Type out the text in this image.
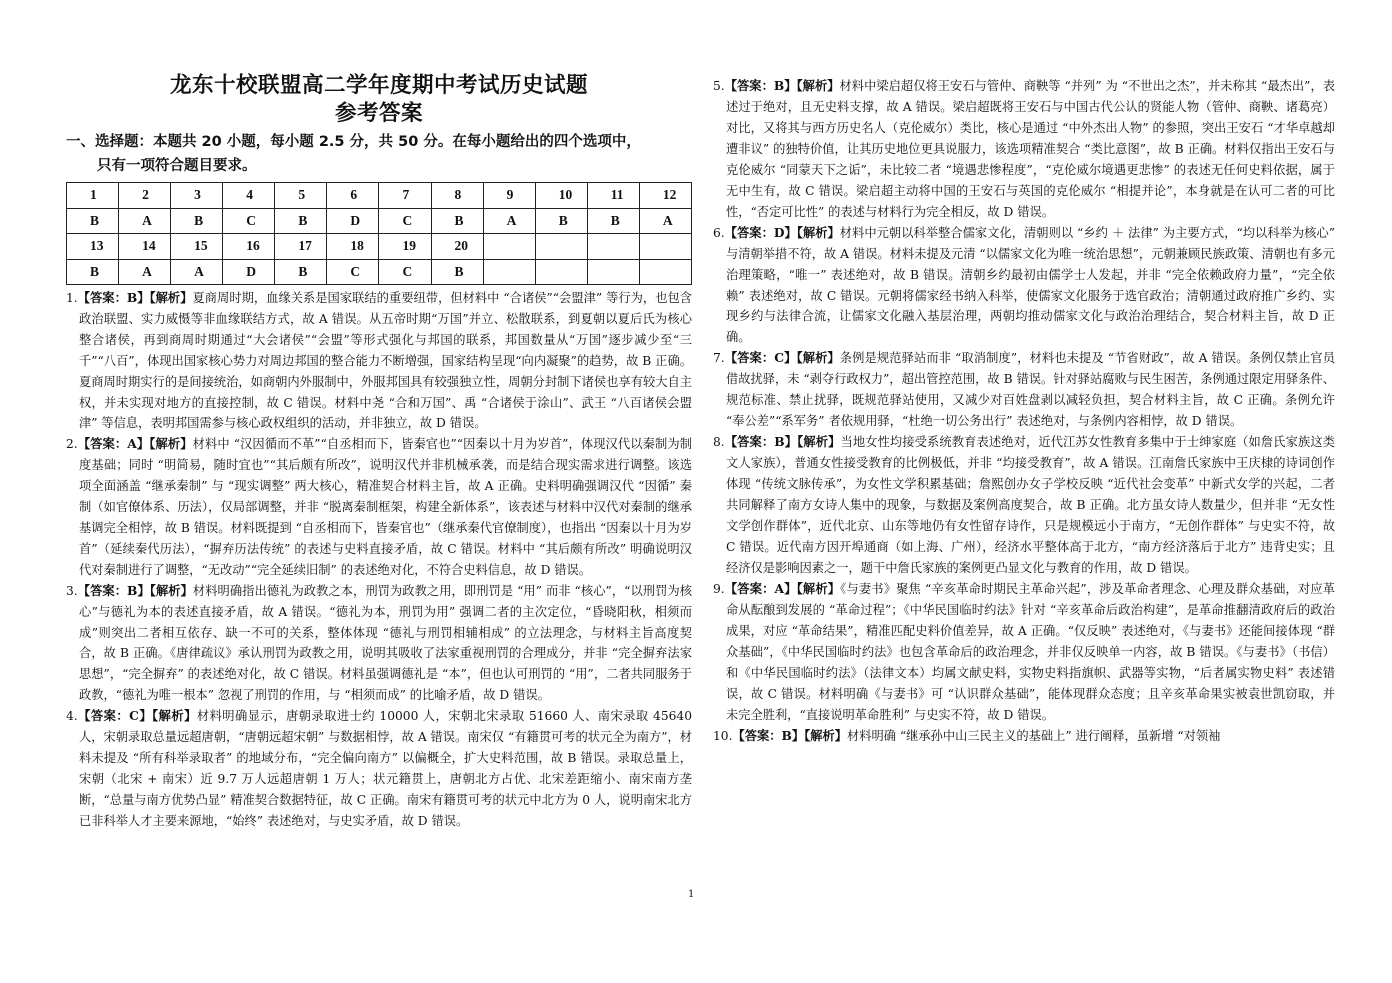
龙东十校联盟高二学年度期中考试历史试题
参考答案
一、选择题：本题共 20 小题，每小题 2.5 分，共 50 分。在每小题给出的四个选项中，
只有一项符合题目要求。
1	2	3	4	5	6	7	8	9	10	11	12
B	A	B	C	B	D	C	B	A	B	B	A
13	14	15	16	17	18	19	20				
B	A	A	D	B	C	C	B				

1.【答案：B】【解析】夏商周时期，血缘关系是国家联结的重要纽带，但材料中 “合诸侯”“会盟津” 等行为，也包含政治联盟、实力威慑等非血缘联结方式，故 A 错误。从五帝时期“万国”并立、松散联系，到夏朝以夏后氏为核心整合诸侯，再到商周时期通过“大会诸侯”“会盟”等形式强化与邦国的联系，邦国数量从“万国”逐步减少至“三千”“八百”，体现出国家核心势力对周边邦国的整合能力不断增强，国家结构呈现“向内凝聚”的趋势，故 B 正确。夏商周时期实行的是间接统治，如商朝内外服制中，外服邦国具有较强独立性，周朝分封制下诸侯也享有较大自主权，并未实现对地方的直接控制，故 C 错误。材料中尧 “合和万国”、禹 “合诸侯于涂山”、武王 “八百诸侯会盟津” 等信息，表明邦国需参与核心政权组织的活动，并非独立，故 D 错误。

2.【答案：A】【解析】材料中 “汉因循而不革”“自丞相而下，皆秦官也”“因秦以十月为岁首”，体现汉代以秦制为制度基础；同时 “明简易，随时宜也”“其后颇有所改”，说明汉代并非机械承袭，而是结合现实需求进行调整。该选项全面涵盖 “继承秦制” 与 “现实调整” 两大核心，精准契合材料主旨，故 A 正确。史料明确强调汉代 “因循” 秦制（如官僚体系、历法），仅局部调整，并非 “脱离秦制框架，构建全新体系”，该表述与材料中汉代对秦制的继承基调完全相悖，故 B 错误。材料既提到 “自丞相而下，皆秦官也”（继承秦代官僚制度），也指出 “因秦以十月为岁首”（延续秦代历法），“摒弃历法传统” 的表述与史料直接矛盾，故 C 错误。材料中 “其后颇有所改” 明确说明汉代对秦制进行了调整，“无改动”“完全延续旧制” 的表述绝对化，不符合史料信息，故 D 错误。

3.【答案：B】【解析】材料明确指出德礼为政教之本，刑罚为政教之用，即刑罚是 “用” 而非 “核心”，“以刑罚为核心”与德礼为本的表述直接矛盾，故 A 错误。“德礼为本，刑罚为用” 强调二者的主次定位，“昏晓阳秋，相须而成”则突出二者相互依存、缺一不可的关系，整体体现 “德礼与刑罚相辅相成” 的立法理念，与材料主旨高度契合，故 B 正确。《唐律疏议》承认刑罚为政教之用，说明其吸收了法家重视刑罚的合理成分，并非 “完全摒弃法家思想”，“完全摒弃” 的表述绝对化，故 C 错误。材料虽强调德礼是 “本”，但也认可刑罚的 “用”，二者共同服务于政教，“德礼为唯一根本” 忽视了刑罚的作用，与 “相须而成” 的比喻矛盾，故 D 错误。

4.【答案：C】【解析】材料明确显示，唐朝录取进士约 10000 人，宋朝北宋录取 51660 人、南宋录取 45640 人，宋朝录取总量远超唐朝，“唐朝远超宋朝” 与数据相悖，故 A 错误。南宋仅 “有籍贯可考的状元全为南方”，材料未提及 “所有科举录取者” 的地域分布，“完全偏向南方” 以偏概全，扩大史料范围，故 B 错误。录取总量上，宋朝（北宋 + 南宋）近 9.7 万人远超唐朝 1 万人；状元籍贯上，唐朝北方占优、北宋差距缩小、南宋南方垄断，“总量与南方优势凸显” 精准契合数据特征，故 C 正确。南宋有籍贯可考的状元中北方为 0 人，说明南宋北方已非科举人才主要来源地，“始终” 表述绝对，与史实矛盾，故 D 错误。

5.【答案：B】【解析】材料中梁启超仅将王安石与管仲、商鞅等 “并列” 为 “不世出之杰”，并未称其 “最杰出”，表述过于绝对，且无史料支撑，故 A 错误。梁启超既将王安石与中国古代公认的贤能人物（管仲、商鞅、诸葛亮）对比，又将其与西方历史名人（克伦威尔）类比，核心是通过 “中外杰出人物” 的参照，突出王安石 “才华卓越却遭非议” 的独特价值，让其历史地位更具说服力，该选项精准契合 “类比意图”，故 B 正确。材料仅指出王安石与克伦威尔 “同蒙天下之诟”，未比较二者 “境遇悲惨程度”，“克伦威尔境遇更悲惨” 的表述无任何史料依据，属于无中生有，故 C 错误。梁启超主动将中国的王安石与英国的克伦威尔 “相提并论”，本身就是在认可二者的可比性，“否定可比性” 的表述与材料行为完全相反，故 D 错误。

6.【答案：D】【解析】材料中元朝以科举整合儒家文化，清朝则以 “乡约 ＋ 法律” 为主要方式，“均以科举为核心” 与清朝举措不符，故 A 错误。材料未提及元清 “以儒家文化为唯一统治思想”，元朝兼顾民族政策、清朝也有多元治理策略，“唯一” 表述绝对，故 B 错误。清朝乡约最初由儒学士人发起，并非 “完全依赖政府力量”，“完全依赖” 表述绝对，故 C 错误。元朝将儒家经书纳入科举，使儒家文化服务于选官政治；清朝通过政府推广乡约、实现乡约与法律合流，让儒家文化融入基层治理，两朝均推动儒家文化与政治治理结合，契合材料主旨，故 D 正确。

7.【答案：C】【解析】条例是规范驿站而非 “取消制度”，材料也未提及 “节省财政”，故 A 错误。条例仅禁止官员借故扰驿，未 “剥夺行政权力”，超出管控范围，故 B 错误。针对驿站腐败与民生困苦，条例通过限定用驿条件、规范标准、禁止扰驿，既规范驿站使用，又减少对百姓盘剥以减轻负担，契合材料主旨，故 C 正确。条例允许 “奉公差”“系军务” 者依规用驿，“杜绝一切公务出行” 表述绝对，与条例内容相悖，故 D 错误。

8.【答案：B】【解析】当地女性均接受系统教育表述绝对，近代江苏女性教育多集中于士绅家庭（如詹氏家族这类文人家族），普通女性接受教育的比例极低，并非 “均接受教育”，故 A 错误。江南詹氏家族中王庆棣的诗词创作体现 “传统文脉传承”，为女性文学积累基础；詹熙创办女子学校反映 “近代社会变革” 中新式女学的兴起，二者共同解释了南方女诗人集中的现象，与数据及案例高度契合，故 B 正确。北方虽女诗人数量少，但并非 “无女性文学创作群体”，近代北京、山东等地仍有女性留存诗作，只是规模远小于南方，“无创作群体” 与史实不符，故 C 错误。近代南方因开埠通商（如上海、广州），经济水平整体高于北方，“南方经济落后于北方” 违背史实；且经济仅是影响因素之一，题干中詹氏家族的案例更凸显文化与教育的作用，故 D 错误。

9.【答案：A】【解析】《与妻书》聚焦 “辛亥革命时期民主革命兴起”，涉及革命者理念、心理及群众基础，对应革命从酝酿到发展的 “革命过程”；《中华民国临时约法》针对 “辛亥革命后政治构建”，是革命推翻清政府后的政治成果，对应 “革命结果”，精准匹配史料价值差异，故 A 正确。“仅反映” 表述绝对，《与妻书》还能间接体现 “群众基础”，《中华民国临时约法》也包含革命后的政治理念，并非仅反映单一内容，故 B 错误。《与妻书》（书信）和《中华民国临时约法》（法律文本）均属文献史料，实物史料指旗帜、武器等实物，“后者属实物史料” 表述错误，故 C 错误。材料明确《与妻书》可 “认识群众基础”，能体现群众态度；且辛亥革命果实被袁世凯窃取，并未完全胜利，“直接说明革命胜利” 与史实不符，故 D 错误。

10.【答案：B】【解析】材料明确 “继承孙中山三民主义的基础上” 进行阐释，虽新增 “对领袖

1
